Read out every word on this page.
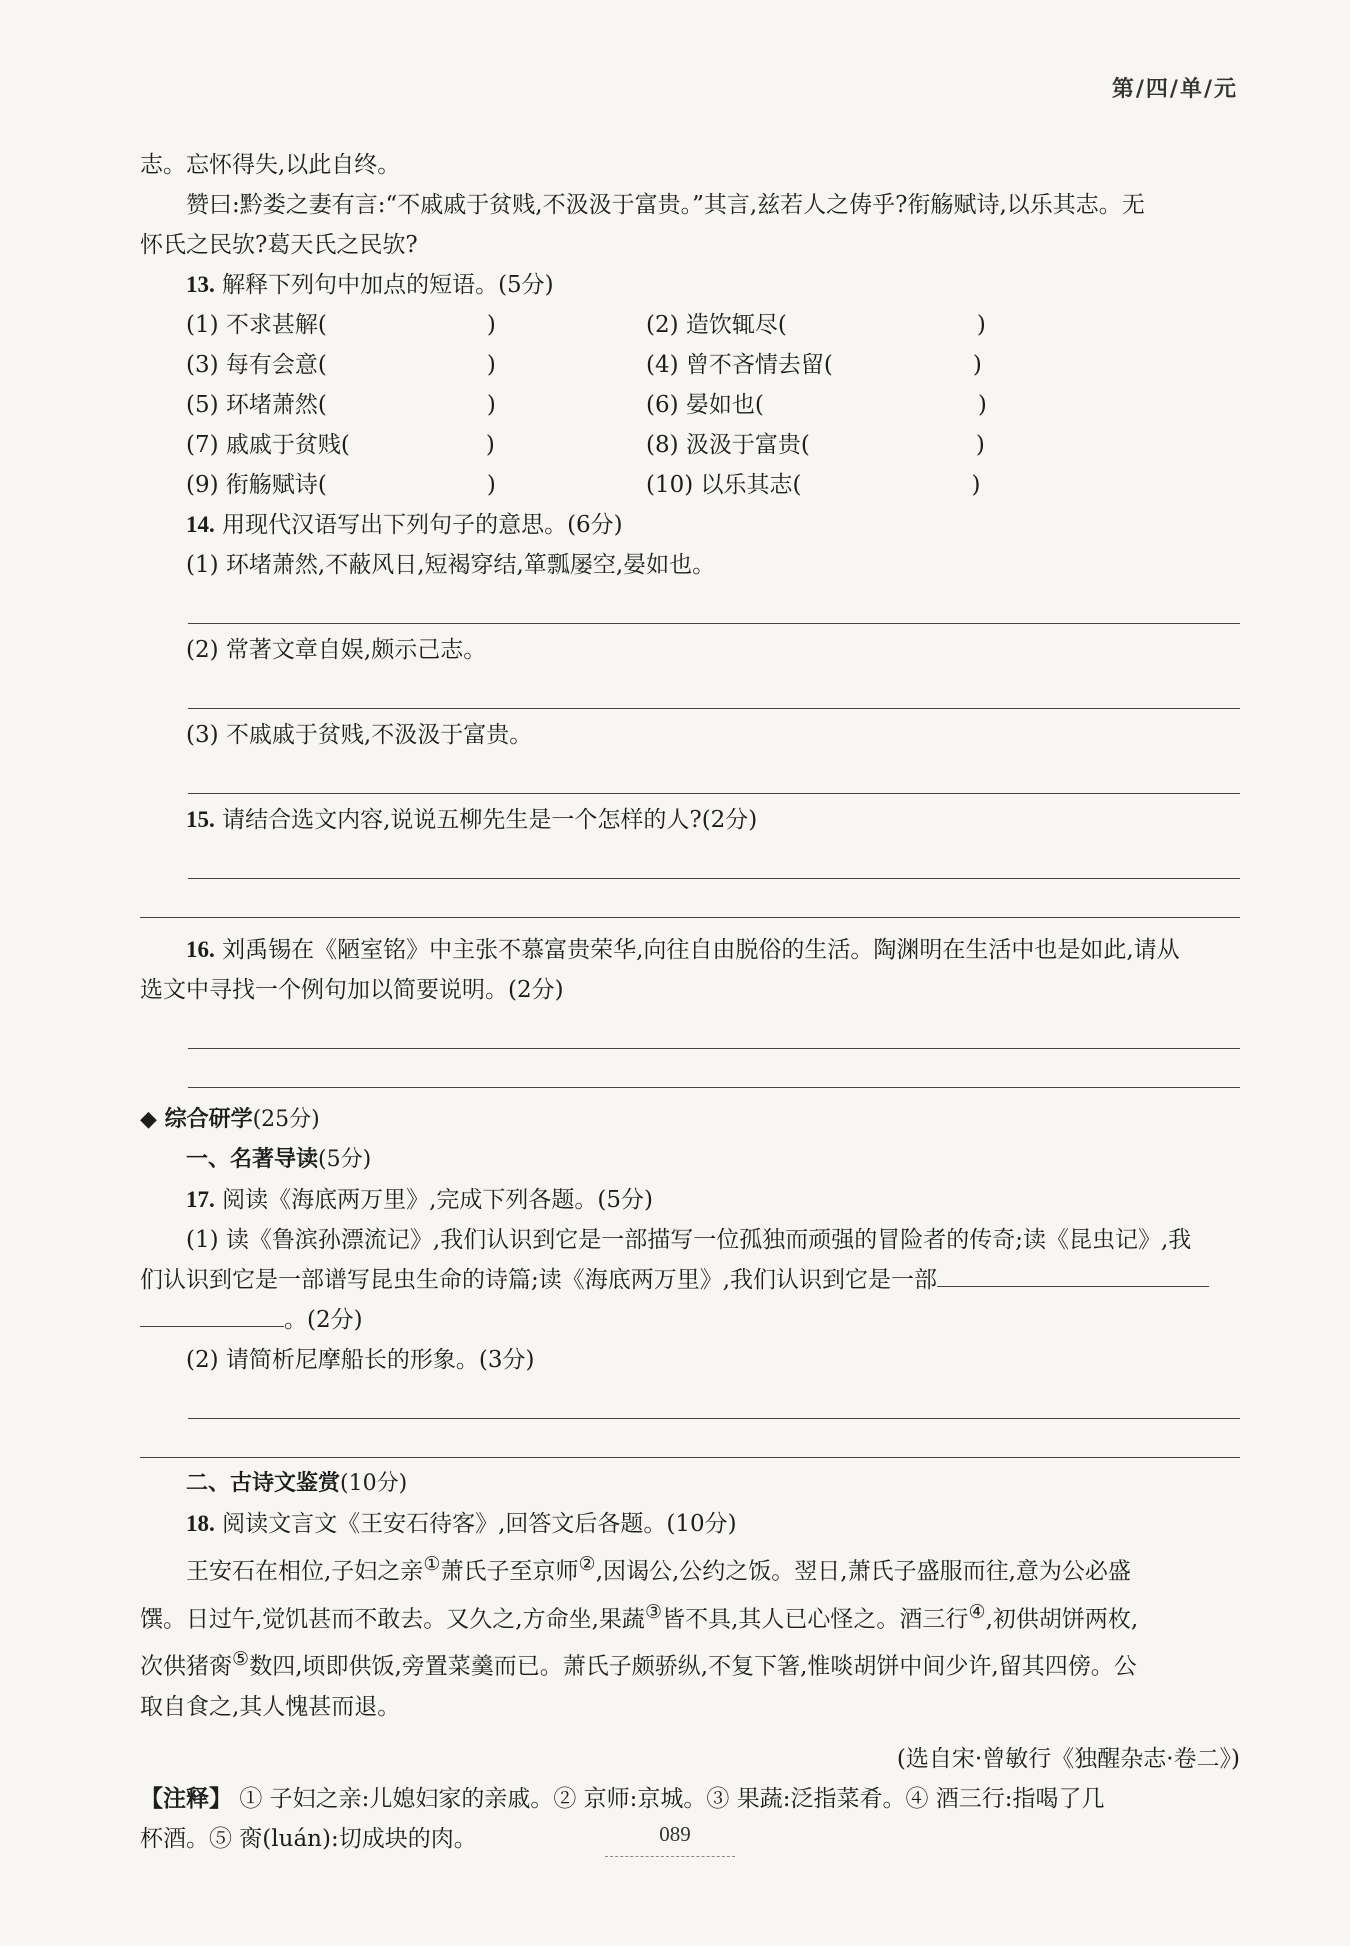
第/四/单/元
志。忘怀得失,以此自终。
赞曰:黔娄之妻有言:“不戚戚于贫贱,不汲汲于富贵。”其言,兹若人之俦乎?衔觞赋诗,以乐其志。无
怀氏之民欤?葛天氏之民欤?
13. 解释下列句中加点的短语。(5分)
(1) 不求甚解(	)	(2) 造饮辄尽(	)
(3) 每有会意(	)	(4) 曾不吝情去留(	)
(5) 环堵萧然(	)	(6) 晏如也(	)
(7) 戚戚于贫贱(	)	(8) 汲汲于富贵(	)
(9) 衔觞赋诗(	)	(10) 以乐其志(	)
14. 用现代汉语写出下列句子的意思。(6分)
(1) 环堵萧然,不蔽风日,短褐穿结,箪瓢屡空,晏如也。
(2) 常著文章自娱,颇示己志。
(3) 不戚戚于贫贱,不汲汲于富贵。
15. 请结合选文内容,说说五柳先生是一个怎样的人?(2分)
16. 刘禹锡在《陋室铭》中主张不慕富贵荣华,向往自由脱俗的生活。陶渊明在生活中也是如此,请从
选文中寻找一个例句加以简要说明。(2分)
◆ 综合研学(25分)
一、名著导读(5分)
17. 阅读《海底两万里》,完成下列各题。(5分)
(1) 读《鲁滨孙漂流记》,我们认识到它是一部描写一位孤独而顽强的冒险者的传奇;读《昆虫记》,我
们认识到它是一部谱写昆虫生命的诗篇;读《海底两万里》,我们认识到它是一部
。(2分)
(2) 请简析尼摩船长的形象。(3分)
二、古诗文鉴赏(10分)
18. 阅读文言文《王安石待客》,回答文后各题。(10分)
王安石在相位,子妇之亲①萧氏子至京师②,因谒公,公约之饭。翌日,萧氏子盛服而往,意为公必盛
馔。日过午,觉饥甚而不敢去。又久之,方命坐,果蔬③皆不具,其人已心怪之。酒三行④,初供胡饼两枚,
次供猪脔⑤数四,顷即供饭,旁置菜羹而已。萧氏子颇骄纵,不复下箸,惟啖胡饼中间少许,留其四傍。公
取自食之,其人愧甚而退。
(选自宋·曾敏行《独醒杂志·卷二》)
【注释】 ① 子妇之亲:儿媳妇家的亲戚。② 京师:京城。③ 果蔬:泛指菜肴。④ 酒三行:指喝了几
杯酒。⑤ 脔(luán):切成块的肉。	089
